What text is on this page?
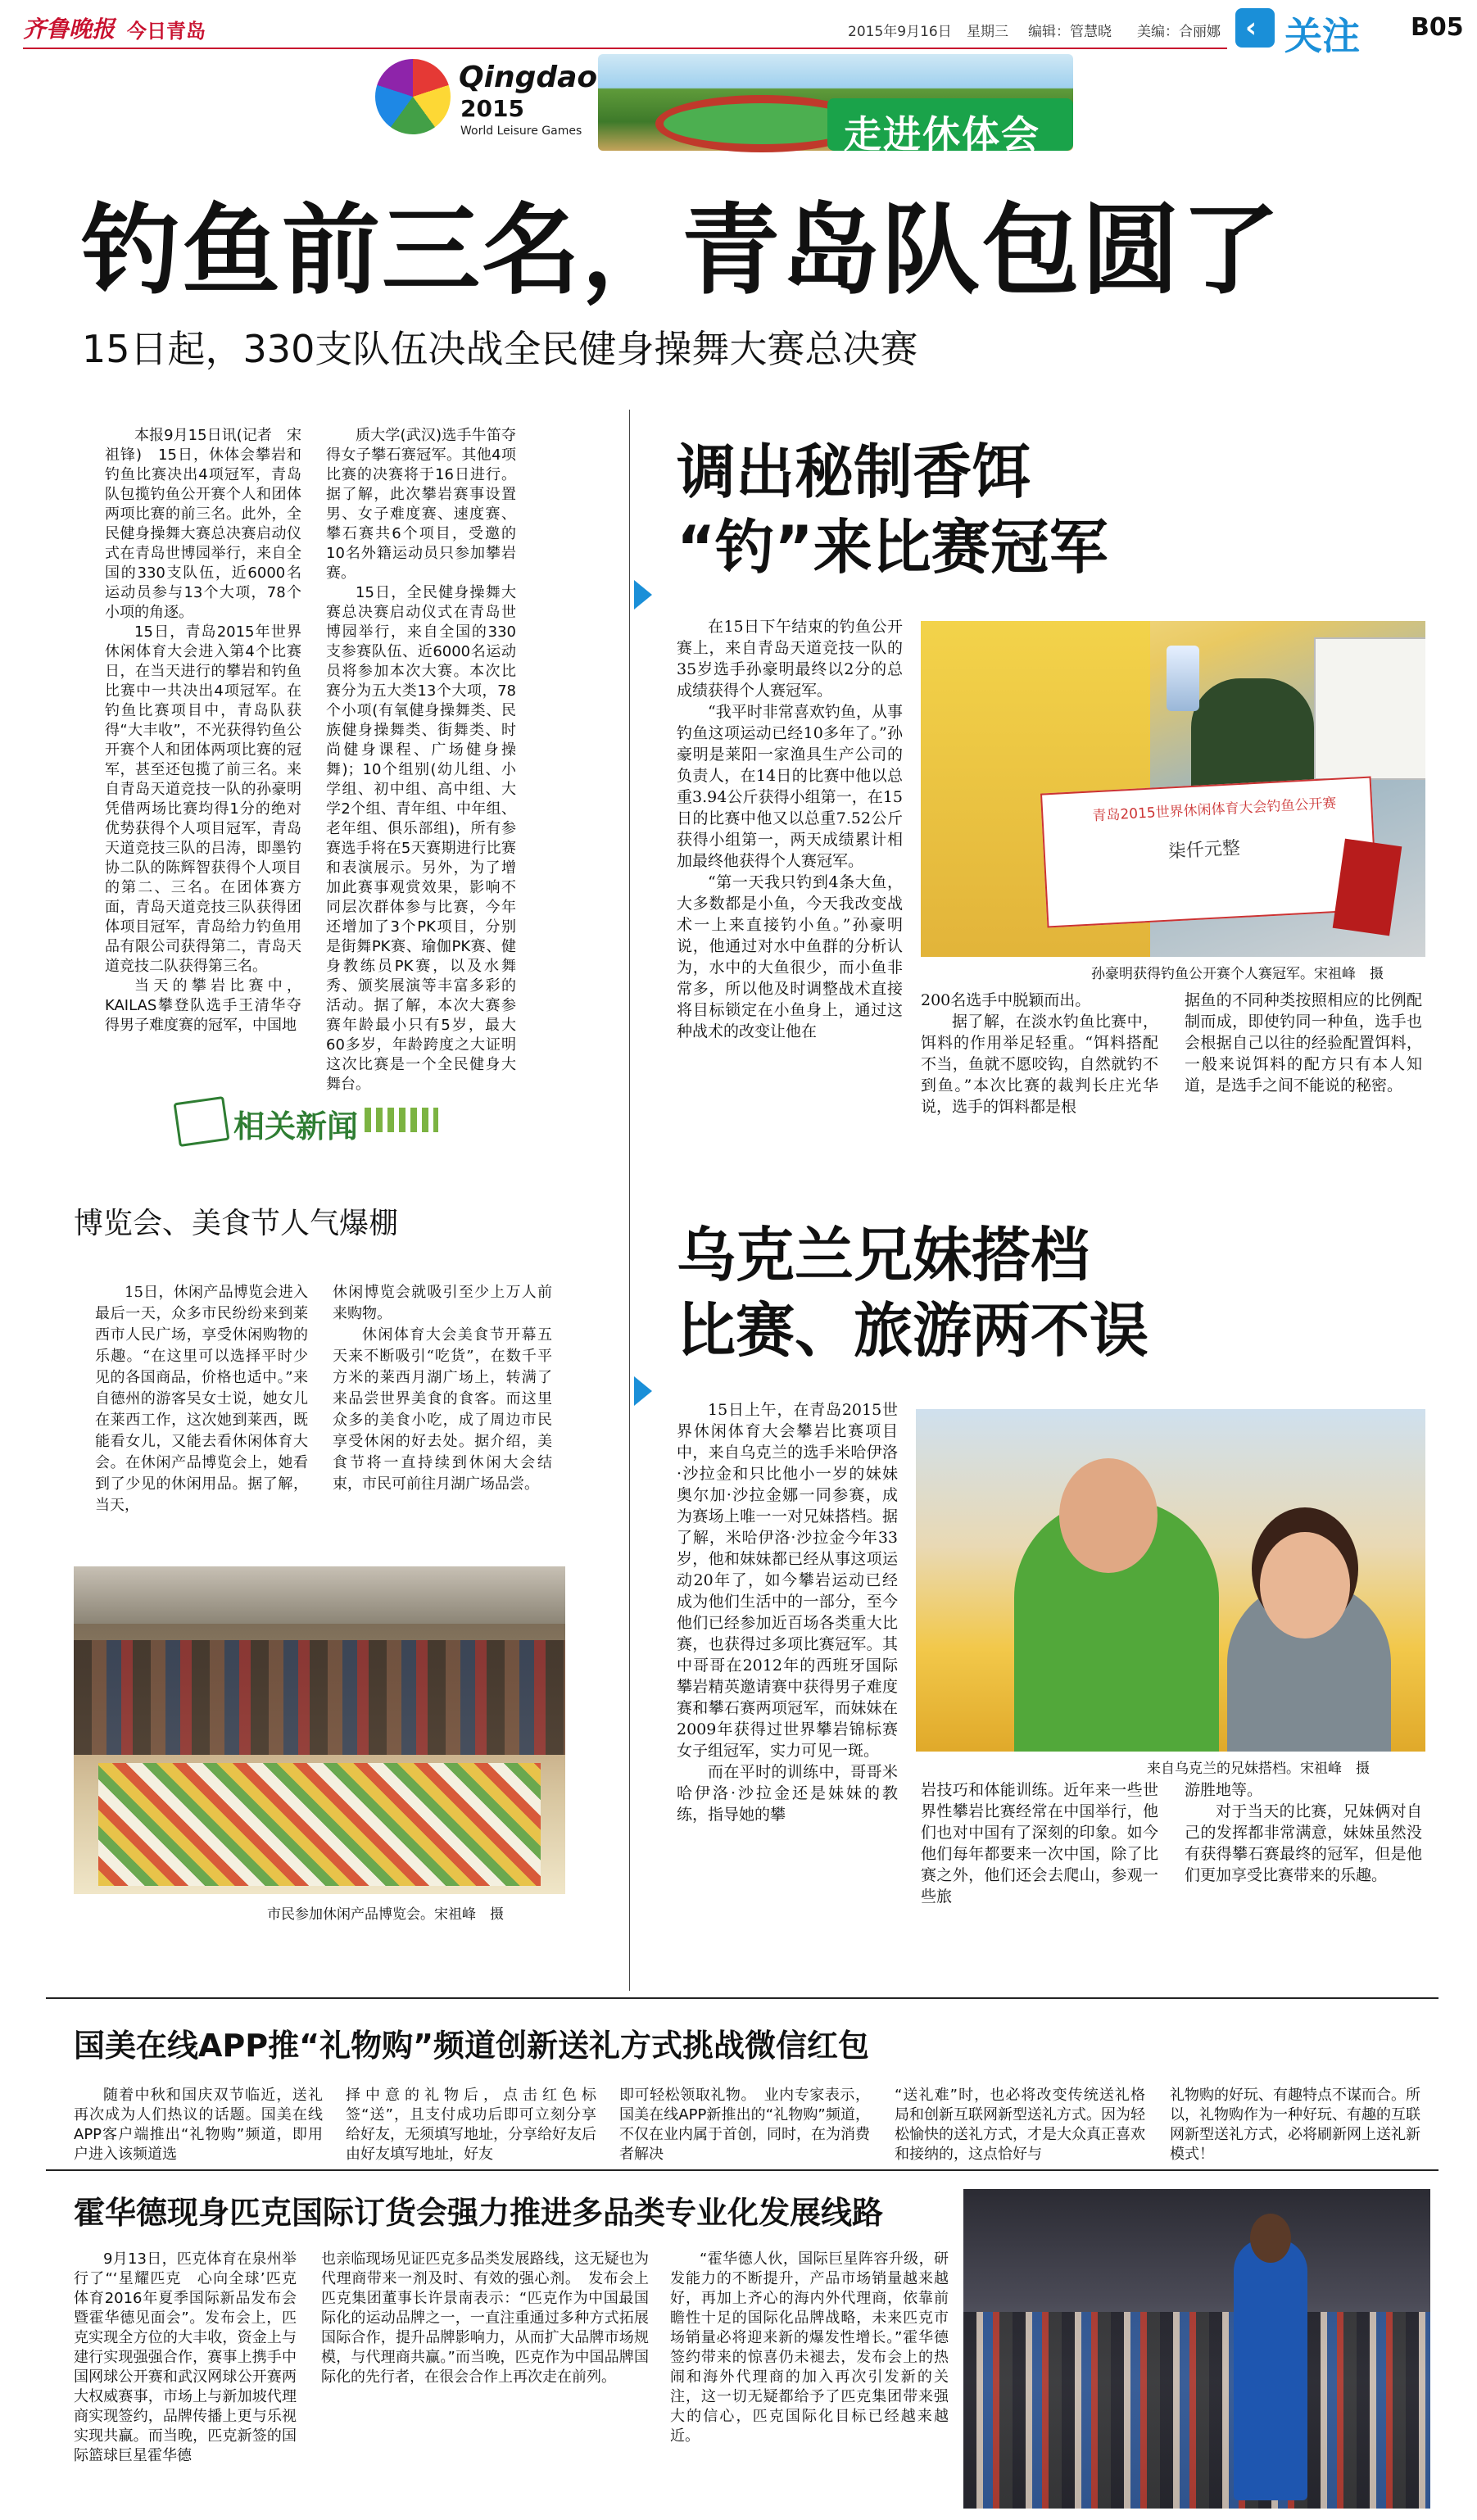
齐鲁晚报 今日青岛	2015年9月16日 星期三 编辑：管慧晓 美编：合丽娜 ‹ 关注 B05
Qingdao
2015
World Leisure Games	走进休体会
钓鱼前三名，青岛队包圆了
15日起，330支队伍决战全民健身操舞大赛总决赛

本报9月15日讯(记者　宋祖锋)　15日，休体会攀岩和钓鱼比赛决出4项冠军，青岛队包揽钓鱼公开赛个人和团体两项比赛的前三名。此外，全民健身操舞大赛总决赛启动仪式在青岛世博园举行，来自全国的330支队伍，近6000名运动员参与13个大项，78个小项的角逐。

15日，青岛2015年世界休闲体育大会进入第4个比赛日，在当天进行的攀岩和钓鱼比赛中一共决出4项冠军。在钓鱼比赛项目中，青岛队获得“大丰收”，不光获得钓鱼公开赛个人和团体两项比赛的冠军，甚至还包揽了前三名。来自青岛天道竞技一队的孙豪明凭借两场比赛均得1分的绝对优势获得个人项目冠军，青岛天道竞技三队的吕涛，即墨钓协二队的陈辉智获得个人项目的第二、三名。在团体赛方面，青岛天道竞技三队获得团体项目冠军，青岛给力钓鱼用品有限公司获得第二，青岛天道竞技二队获得第三名。

当天的攀岩比赛中，KAILAS攀登队选手王清华夺得男子难度赛的冠军，中国地

质大学(武汉)选手牛笛夺得女子攀石赛冠军。其他4项比赛的决赛将于16日进行。据了解，此次攀岩赛事设置男、女子难度赛、速度赛、攀石赛共6个项目，受邀的10名外籍运动员只参加攀岩赛。

15日，全民健身操舞大赛总决赛启动仪式在青岛世博园举行，来自全国的330支参赛队伍、近6000名运动员将参加本次大赛。本次比赛分为五大类13个大项，78个小项(有氧健身操舞类、民族健身操舞类、街舞类、时尚健身课程、广场健身操舞)；10个组别(幼儿组、小学组、初中组、高中组、大学2个组、青年组、中年组、老年组、俱乐部组)，所有参赛选手将在5天赛期进行比赛和表演展示。另外，为了增加此赛事观赏效果，影响不同层次群体参与比赛，今年还增加了3个PK项目，分别是街舞PK赛、瑜伽PK赛、健身教练员PK赛，以及水舞秀、颁奖展演等丰富多彩的活动。据了解，本次大赛参赛年龄最小只有5岁，最大60多岁，年龄跨度之大证明这次比赛是一个全民健身大舞台。

相关新闻
博览会、美食节人气爆棚

15日，休闲产品博览会进入最后一天，众多市民纷纷来到莱西市人民广场，享受休闲购物的乐趣。“在这里可以选择平时少见的各国商品，价格也适中。”来自德州的游客吴女士说，她女儿在莱西工作，这次她到莱西，既能看女儿，又能去看休闲体育大会。在休闲产品博览会上，她看到了少见的休闲用品。据了解，当天，

休闲博览会就吸引至少上万人前来购物。

休闲体育大会美食节开幕五天来不断吸引“吃货”，在数千平方米的莱西月湖广场上，转满了来品尝世界美食的食客。而这里众多的美食小吃，成了周边市民享受休闲的好去处。据介绍，美食节将一直持续到休闲大会结束，市民可前往月湖广场品尝。

市民参加休闲产品博览会。宋祖峰　摄
调出秘制香饵
“钓”来比赛冠军

在15日下午结束的钓鱼公开赛上，来自青岛天道竞技一队的35岁选手孙豪明最终以2分的总成绩获得个人赛冠军。

“我平时非常喜欢钓鱼，从事钓鱼这项运动已经10多年了。”孙豪明是莱阳一家渔具生产公司的负责人，在14日的比赛中他以总重3.94公斤获得小组第一，在15日的比赛中他又以总重7.52公斤获得小组第一，两天成绩累计相加最终他获得个人赛冠军。

“第一天我只钓到4条大鱼，大多数都是小鱼，今天我改变战术一上来直接钓小鱼。”孙豪明说，他通过对水中鱼群的分析认为，水中的大鱼很少，而小鱼非常多，所以他及时调整战术直接将目标锁定在小鱼身上，通过这种战术的改变让他在

青岛2015世界休闲体育大会钓鱼公开赛
柒仟元整
孙豪明获得钓鱼公开赛个人赛冠军。宋祖峰　摄

200名选手中脱颖而出。

据了解，在淡水钓鱼比赛中，饵料的作用举足轻重。“饵料搭配不当，鱼就不愿咬钩，自然就钓不到鱼。”本次比赛的裁判长庄光华说，选手的饵料都是根

据鱼的不同种类按照相应的比例配制而成，即使钓同一种鱼，选手也会根据自己以往的经验配置饵料，一般来说饵料的配方只有本人知道，是选手之间不能说的秘密。

乌克兰兄妹搭档
比赛、旅游两不误

15日上午，在青岛2015世界休闲体育大会攀岩比赛项目中，来自乌克兰的选手米哈伊洛·沙拉金和只比他小一岁的妹妹奥尔加·沙拉金娜一同参赛，成为赛场上唯一一对兄妹搭档。据了解，米哈伊洛·沙拉金今年33岁，他和妹妹都已经从事这项运动20年了，如今攀岩运动已经成为他们生活中的一部分，至今他们已经参加近百场各类重大比赛，也获得过多项比赛冠军。其中哥哥在2012年的西班牙国际攀岩精英邀请赛中获得男子难度赛和攀石赛两项冠军，而妹妹在2009年获得过世界攀岩锦标赛女子组冠军，实力可见一斑。

而在平时的训练中，哥哥米哈伊洛·沙拉金还是妹妹的教练，指导她的攀

来自乌克兰的兄妹搭档。宋祖峰　摄

岩技巧和体能训练。近年来一些世界性攀岩比赛经常在中国举行，他们也对中国有了深刻的印象。如今他们每年都要来一次中国，除了比赛之外，他们还会去爬山，参观一些旅

游胜地等。

对于当天的比赛，兄妹俩对自己的发挥都非常满意，妹妹虽然没有获得攀石赛最终的冠军，但是他们更加享受比赛带来的乐趣。

国美在线APP推“礼物购”频道创新送礼方式挑战微信红包

随着中秋和国庆双节临近，送礼再次成为人们热议的话题。国美在线APP客户端推出“礼物购”频道，即用户进入该频道选

择中意的礼物后，点击红色标签“送”，且支付成功后即可立刻分享给好友，无须填写地址，分享给好友后由好友填写地址，好友

即可轻松领取礼物。　业内专家表示，国美在线APP新推出的“礼物购”频道，不仅在业内属于首创，同时，在为消费者解决

“送礼难”时，也必将改变传统送礼格局和创新互联网新型送礼方式。因为轻松愉快的送礼方式，才是大众真正喜欢和接纳的，这点恰好与

礼物购的好玩、有趣特点不谋而合。所以，礼物购作为一种好玩、有趣的互联网新型送礼方式，必将刷新网上送礼新模式！

霍华德现身匹克国际订货会强力推进多品类专业化发展线路

9月13日，匹克体育在泉州举行了“‘星耀匹克　心向全球’匹克体育2016年夏季国际新品发布会暨霍华德见面会”。发布会上，匹克实现全方位的大丰收，资金上与建行实现强强合作，赛事上携手中国网球公开赛和武汉网球公开赛两大权威赛事，市场上与新加坡代理商实现签约，品牌传播上更与乐视实现共赢。而当晚，匹克新签的国际篮球巨星霍华德

也亲临现场见证匹克多品类发展路线，这无疑也为代理商带来一剂及时、有效的强心剂。　发布会上匹克集团董事长许景南表示：“匹克作为中国最国际化的运动品牌之一，一直注重通过多种方式拓展国际合作，提升品牌影响力，从而扩大品牌市场规模，与代理商共赢。”而当晚，匹克作为中国品牌国际化的先行者，在很会合作上再次走在前列。

“霍华德人伙，国际巨星阵容升级，研发能力的不断提升，产品市场销量越来越好，再加上齐心的海内外代理商，依靠前瞻性十足的国际化品牌战略，未来匹克市场销量必将迎来新的爆发性增长。”霍华德签约带来的惊喜仍未褪去，发布会上的热闹和海外代理商的加入再次引发新的关注，这一切无疑都给予了匹克集团带来强大的信心，匹克国际化目标已经越来越近。
